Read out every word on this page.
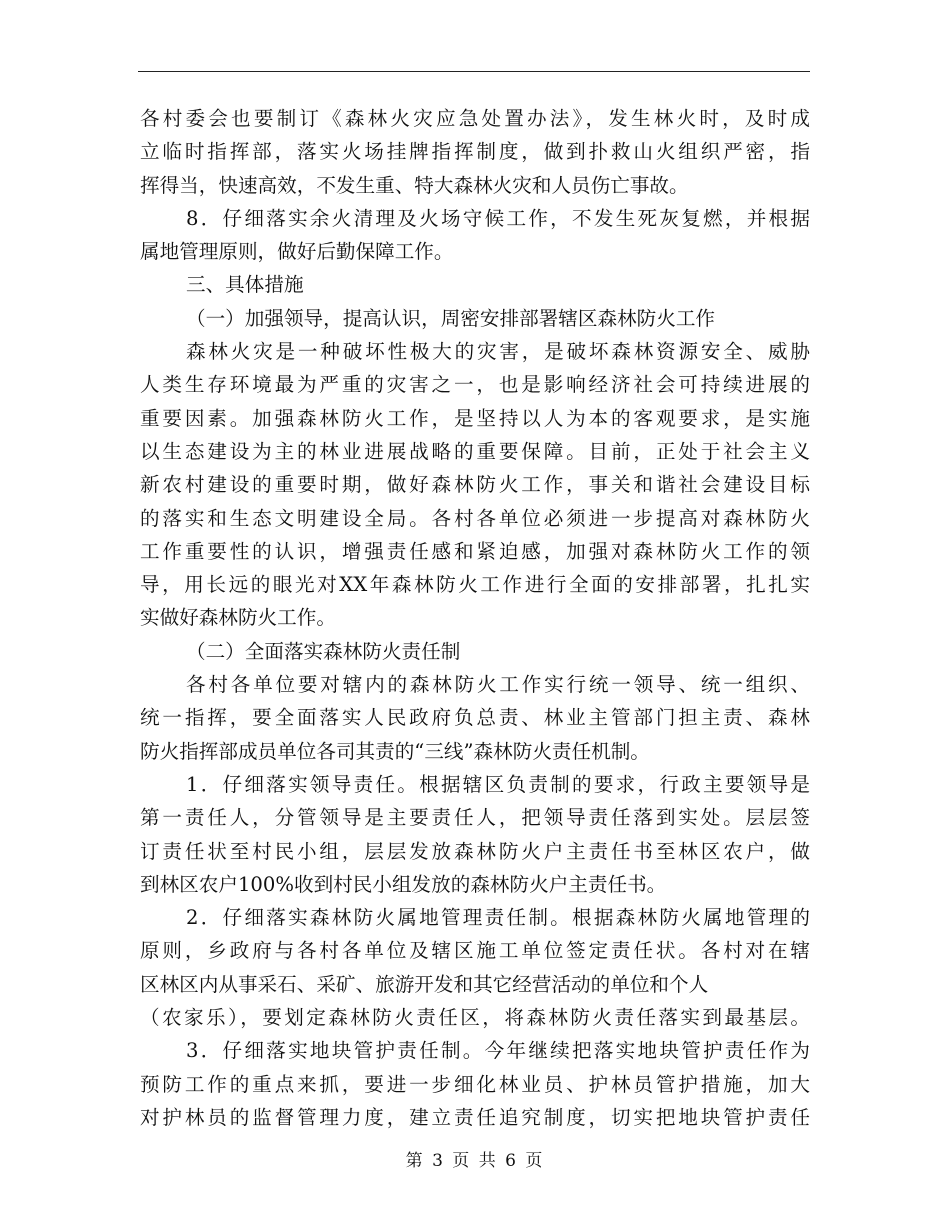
各村委会也要制订《森林火灾应急处置办法》，发生林火时，及时成
立临时指挥部，落实火场挂牌指挥制度，做到扑救山火组织严密，指
挥得当，快速高效，不发生重、特大森林火灾和人员伤亡事故。
8．仔细落实余火清理及火场守候工作，不发生死灰复燃，并根据
属地管理原则，做好后勤保障工作。
三、具体措施
（一）加强领导，提高认识，周密安排部署辖区森林防火工作
森林火灾是一种破坏性极大的灾害，是破坏森林资源安全、威胁
人类生存环境最为严重的灾害之一，也是影响经济社会可持续进展的
重要因素。加强森林防火工作，是坚持以人为本的客观要求，是实施
以生态建设为主的林业进展战略的重要保障。目前，正处于社会主义
新农村建设的重要时期，做好森林防火工作，事关和谐社会建设目标
的落实和生态文明建设全局。各村各单位必须进一步提高对森林防火
工作重要性的认识，增强责任感和紧迫感，加强对森林防火工作的领
导，用长远的眼光对XX年森林防火工作进行全面的安排部署，扎扎实
实做好森林防火工作。
（二）全面落实森林防火责任制
各村各单位要对辖内的森林防火工作实行统一领导、统一组织、
统一指挥，要全面落实人民政府负总责、林业主管部门担主责、森林
防火指挥部成员单位各司其责的“三线”森林防火责任机制。
1．仔细落实领导责任。根据辖区负责制的要求，行政主要领导是
第一责任人，分管领导是主要责任人，把领导责任落到实处。层层签
订责任状至村民小组，层层发放森林防火户主责任书至林区农户，做
到林区农户100%收到村民小组发放的森林防火户主责任书。
2．仔细落实森林防火属地管理责任制。根据森林防火属地管理的
原则，乡政府与各村各单位及辖区施工单位签定责任状。各村对在辖
区林区内从事采石、采矿、旅游开发和其它经营活动的单位和个人
（农家乐），要划定森林防火责任区，将森林防火责任落实到最基层。
3．仔细落实地块管护责任制。今年继续把落实地块管护责任作为
预防工作的重点来抓，要进一步细化林业员、护林员管护措施，加大
对护林员的监督管理力度，建立责任追究制度，切实把地块管护责任
第 3 页 共 6 页
